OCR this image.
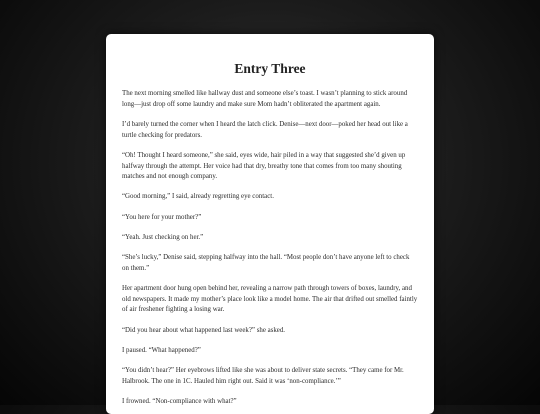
Entry Three

The next morning smelled like hallway dust and someone else’s toast. I wasn’t planning to stick around long—just drop off some laundry and make sure Mom hadn’t obliterated the apartment again.

I’d barely turned the corner when I heard the latch click. Denise—next door—poked her head out like a turtle checking for predators.

“Oh! Thought I heard someone,” she said, eyes wide, hair piled in a way that suggested she’d given up halfway through the attempt. Her voice had that dry, breathy tone that comes from too many shouting matches and not enough company.

“Good morning,” I said, already regretting eye contact.

“You here for your mother?”

“Yeah. Just checking on her.”

“She’s lucky,” Denise said, stepping halfway into the hall. “Most people don’t have anyone left to check on them.”

Her apartment door hung open behind her, revealing a narrow path through towers of boxes, laundry, and old newspapers. It made my mother’s place look like a model home. The air that drifted out smelled faintly of air freshener fighting a losing war.

“Did you hear about what happened last week?” she asked.

I paused. “What happened?”

“You didn’t hear?” Her eyebrows lifted like she was about to deliver state secrets. “They came for Mr. Halbrook. The one in 1C. Hauled him right out. Said it was ‘non-compliance.’”

I frowned. “Non-compliance with what?”
